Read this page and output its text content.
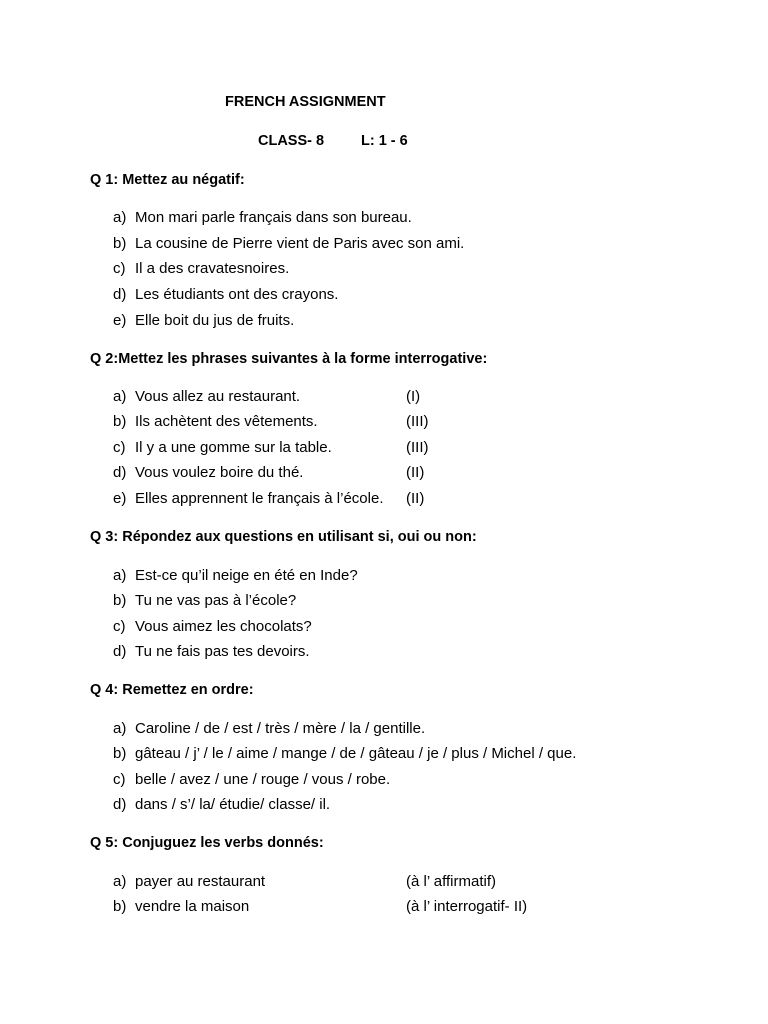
FRENCH ASSIGNMENT
CLASS- 8	L: 1 - 6
Q 1: Mettez au négatif:
a) Mon mari parle français dans son bureau.
b) La cousine de Pierre vient de Paris avec son ami.
c) Il a des cravatesnoires.
d) Les étudiants ont des crayons.
e) Elle boit du jus de fruits.
Q 2:Mettez les phrases suivantes à la forme interrogative:
a) Vous allez au restaurant.	(I)
b) Ils achètent des vêtements.	(III)
c) Il y a une gomme sur la table.	(III)
d) Vous voulez boire du thé.	(II)
e) Elles apprennent le français à l’école. (II)
Q 3: Répondez aux questions en utilisant si, oui ou non:
a) Est-ce qu’il neige en été en Inde?
b) Tu ne vas pas à l’école?
c) Vous aimez les chocolats?
d) Tu ne fais pas tes devoirs.
Q 4: Remettez en ordre:
a) Caroline / de / est / très / mère / la / gentille.
b) gâteau / j’ / le / aime / mange / de / gâteau / je / plus / Michel / que.
c) belle / avez / une / rouge / vous / robe.
d) dans / s’/ la/ étudie/ classe/ il.
Q 5: Conjuguez les verbs donnés:
a) payer au restaurant	(à l’ affirmatif)
b) vendre la maison	(à l’ interrogatif- II)
